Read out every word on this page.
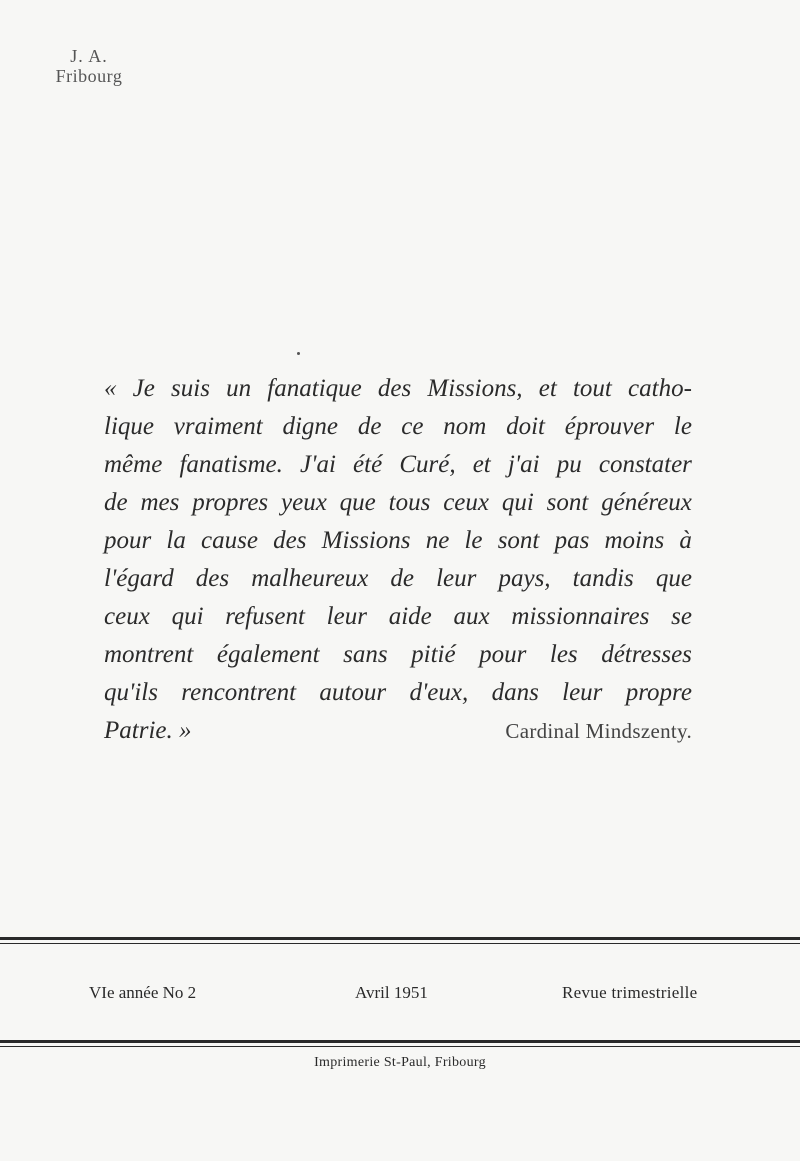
J. A.
Fribourg
« Je suis un fanatique des Missions, et tout catho-
lique vraiment digne de ce nom doit éprouver le
même fanatisme. J'ai été Curé, et j'ai pu constater
de mes propres yeux que tous ceux qui sont généreux
pour la cause des Missions ne le sont pas moins à
l'égard des malheureux de leur pays, tandis que
ceux qui refusent leur aide aux missionnaires se
montrent également sans pitié pour les détresses
qu'ils rencontrent autour d'eux, dans leur propre
Patrie. »	Cardinal Mindszenty.
VIe année No 2	Avril 1951	Revue trimestrielle
Imprimerie St-Paul, Fribourg
